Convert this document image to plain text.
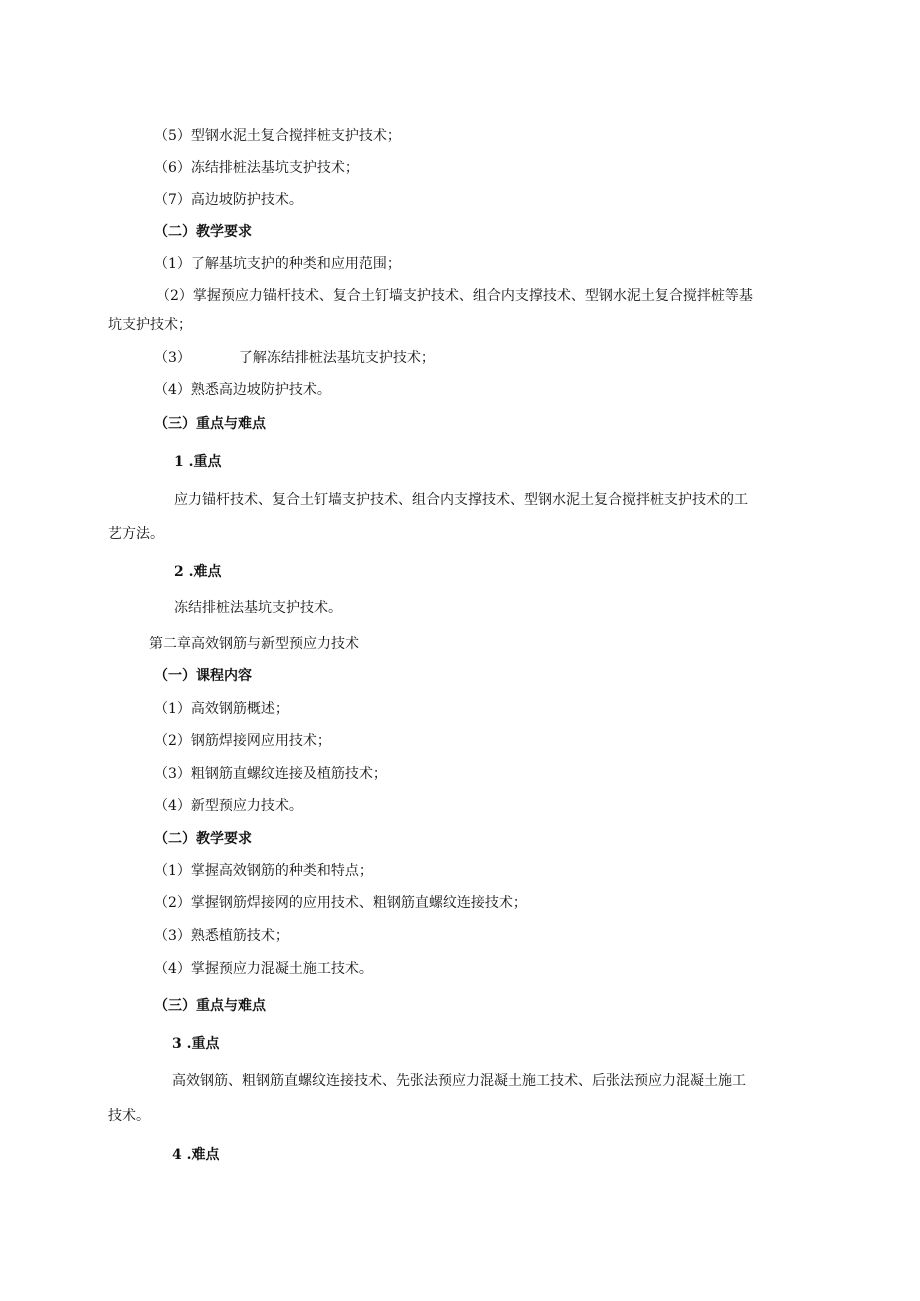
（5）型钢水泥土复合搅拌桩支护技术；
（6）冻结排桩法基坑支护技术；
（7）高边坡防护技术。
（二）教学要求
（1）了解基坑支护的种类和应用范围；
（2）掌握预应力锚杆技术、复合土钉墙支护技术、组合内支撑技术、型钢水泥土复合搅拌桩等基
坑支护技术；
（3）	了解冻结排桩法基坑支护技术；
（4）熟悉高边坡防护技术。
（三）重点与难点
1 .重点
应力锚杆技术、复合土钉墙支护技术、组合内支撑技术、型钢水泥土复合搅拌桩支护技术的工
艺方法。
2 .难点
冻结排桩法基坑支护技术。
第二章高效钢筋与新型预应力技术
（一）课程内容
（1）高效钢筋概述；
（2）钢筋焊接网应用技术；
（3）粗钢筋直螺纹连接及植筋技术；
（4）新型预应力技术。
（二）教学要求
（1）掌握高效钢筋的种类和特点；
（2）掌握钢筋焊接网的应用技术、粗钢筋直螺纹连接技术；
（3）熟悉植筋技术；
（4）掌握预应力混凝土施工技术。
（三）重点与难点
3 .重点
高效钢筋、粗钢筋直螺纹连接技术、先张法预应力混凝土施工技术、后张法预应力混凝土施工
技术。
4 .难点
